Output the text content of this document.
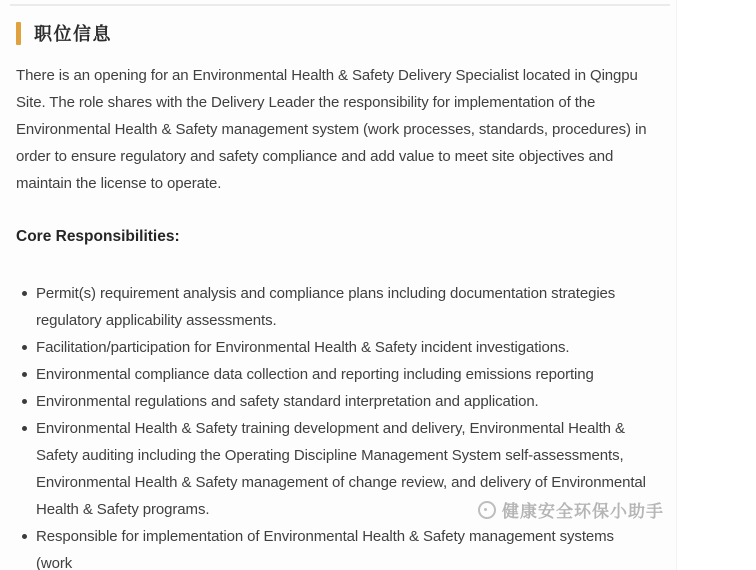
职位信息
There is an opening for an Environmental Health & Safety Delivery Specialist located in Qingpu Site. The role shares with the Delivery Leader the responsibility for implementation of the Environmental Health & Safety management system (work processes, standards, procedures) in order to ensure regulatory and safety compliance and add value to meet site objectives and maintain the license to operate.
Core Responsibilities:
Permit(s) requirement analysis and compliance plans including documentation strategies regulatory applicability assessments.
Facilitation/participation for Environmental Health & Safety incident investigations.
Environmental compliance data collection and reporting including emissions reporting
Environmental regulations and safety standard interpretation and application.
Environmental Health & Safety training development and delivery, Environmental Health & Safety auditing including the Operating Discipline Management System self-assessments, Environmental Health & Safety management of change review, and delivery of Environmental Health & Safety programs.
Responsible for implementation of Environmental Health & Safety management systems (work
健康安全环保小助手
